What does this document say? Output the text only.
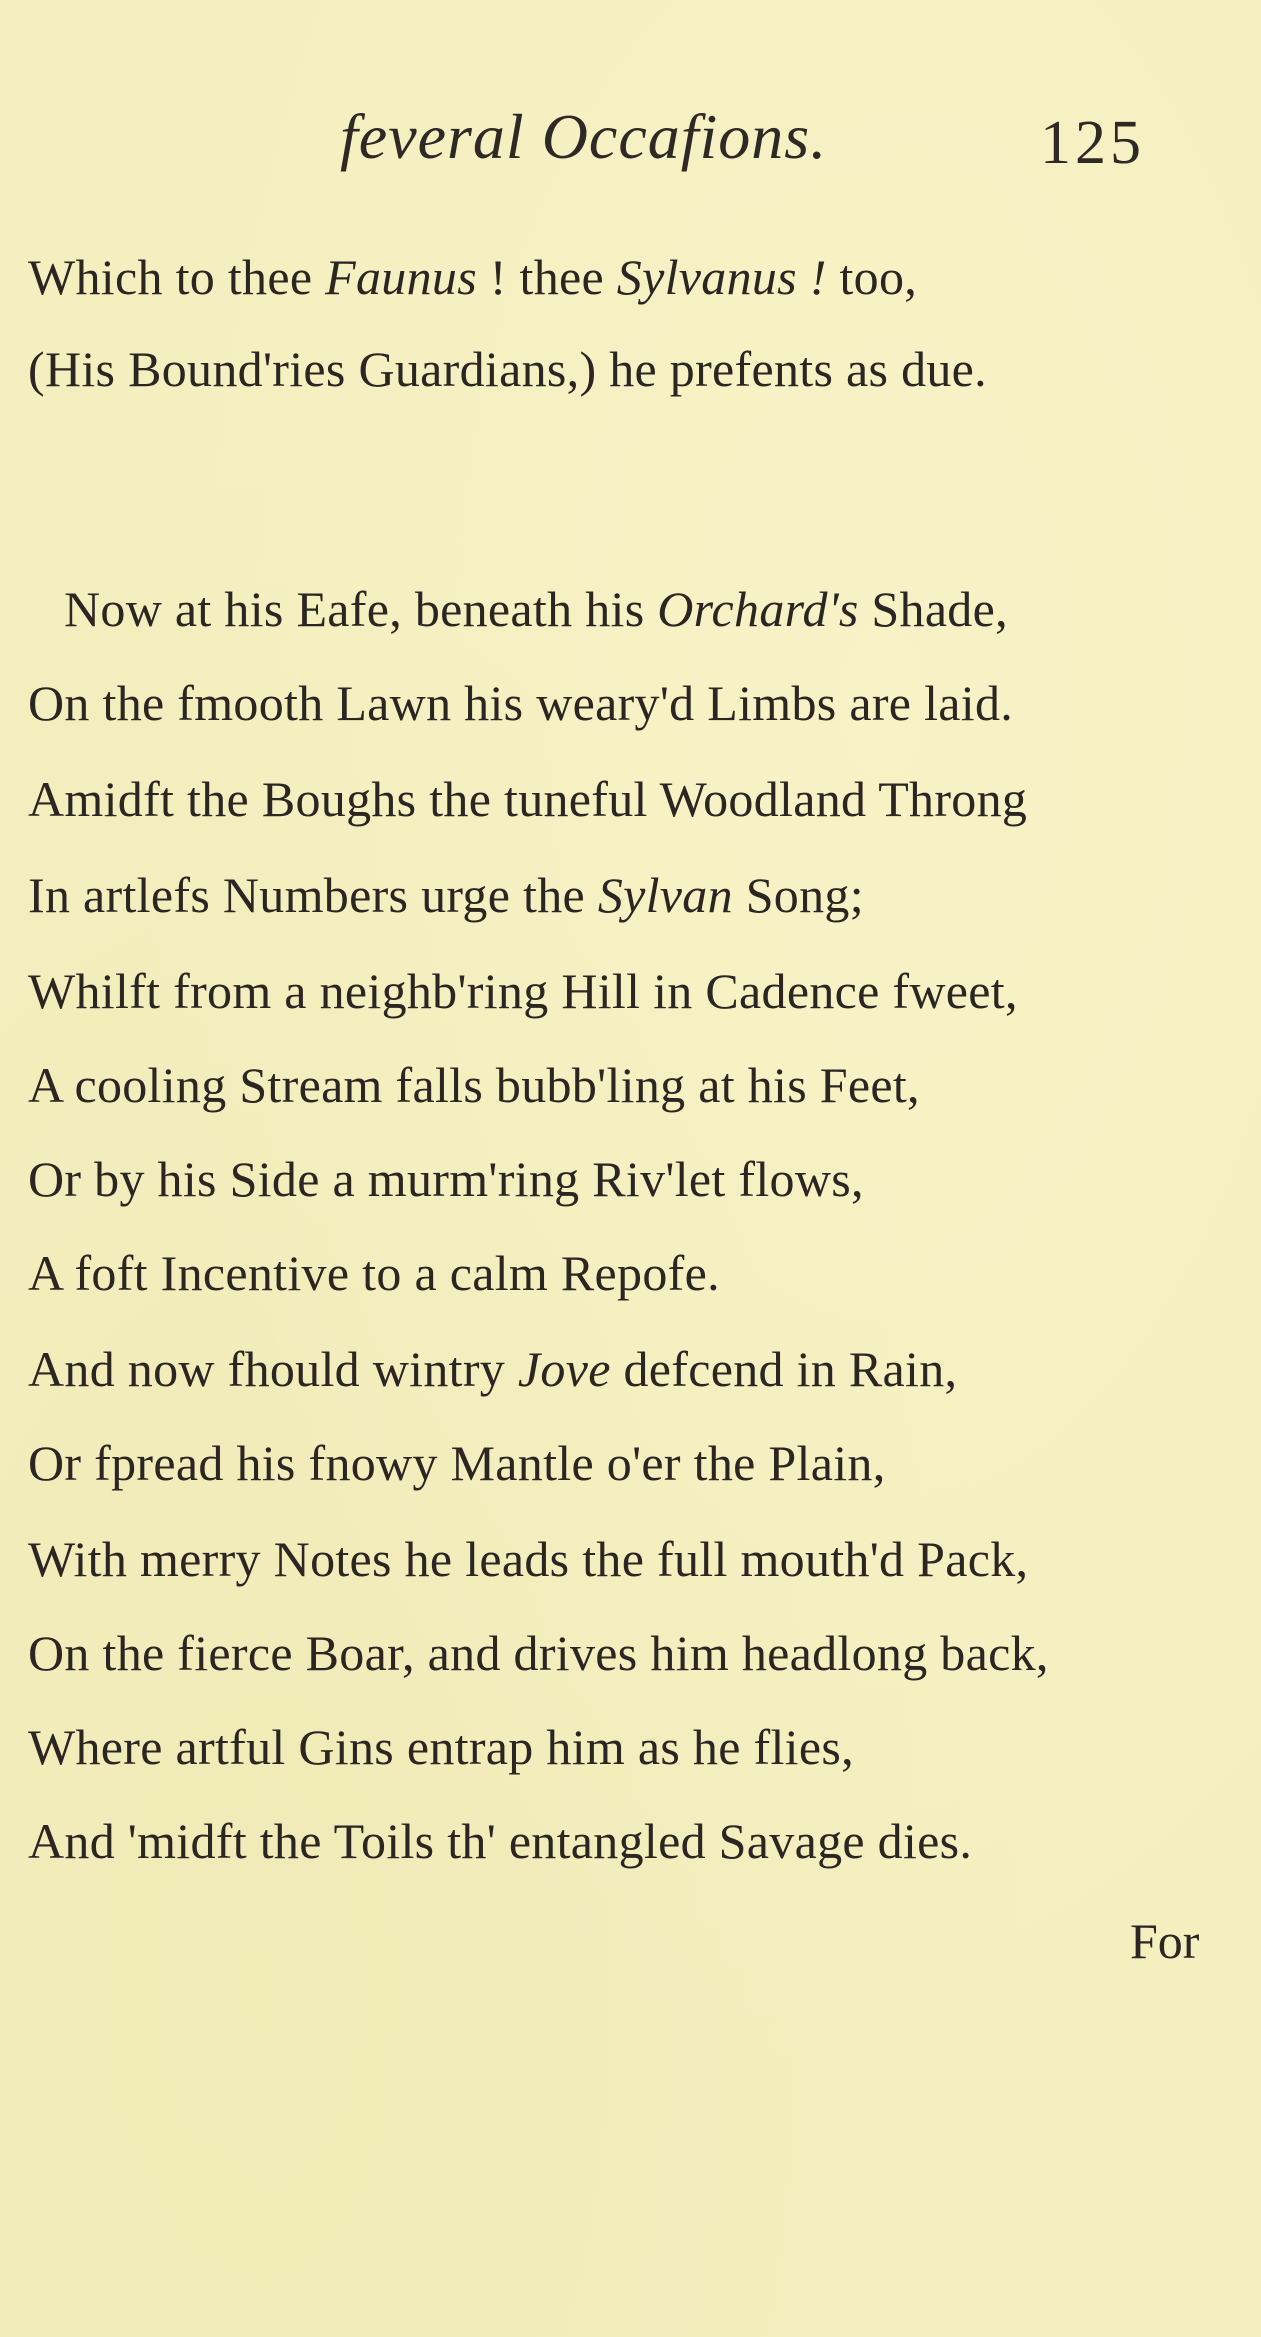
feveral Occafions.	125
Which to thee Faunus ! thee Sylvanus ! too,
(His Bound'ries Guardians,) he prefents as due.
Now at his Eafe, beneath his Orchard's Shade,
On the fmooth Lawn his weary'd Limbs are laid.
Amidft the Boughs the tuneful Woodland Throng
In artlefs Numbers urge the Sylvan Song;
Whilft from a neighb'ring Hill in Cadence fweet,
A cooling Stream falls bubb'ling at his Feet,
Or by his Side a murm'ring Riv'let flows,
A foft Incentive to a calm Repofe.
And now fhould wintry Jove defcend in Rain,
Or fpread his fnowy Mantle o'er the Plain,
With merry Notes he leads the full mouth'd Pack,
On the fierce Boar, and drives him headlong back,
Where artful Gins entrap him as he flies,
And 'midft the Toils th' entangled Savage dies.
For
